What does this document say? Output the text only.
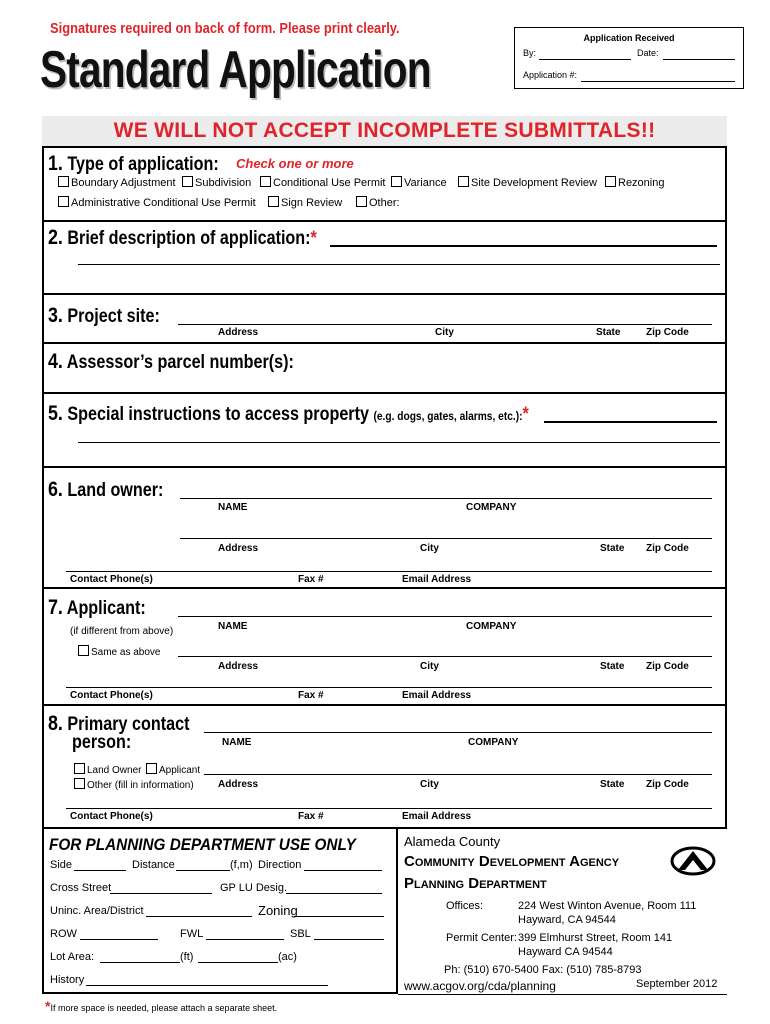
Signatures required on back of form. Please print clearly.
Standard Application
Application Received
By:	Date:
Application #:
WE WILL NOT ACCEPT INCOMPLETE SUBMITTALS!!
1. Type of application: Check one or more
Boundary Adjustment	Subdivision	Conditional Use Permit	Variance	Site Development Review	Rezoning
Administrative Conditional Use Permit	Sign Review	Other:
2. Brief description of application:*
3. Project site:
Address	City	State	Zip Code
4. Assessor’s parcel number(s):
5. Special instructions to access property (e.g. dogs, gates, alarms, etc.):*
6. Land owner:
NAME	COMPANY
Address	City	State Zip Code
Contact Phone(s)	Fax #	Email Address
7. Applicant:
(if different from above)	NAME	COMPANY
Same as above
Address	City	State Zip Code
Contact Phone(s)	Fax #	Email Address
8. Primary contact
person:	NAME	COMPANY
Land Owner	Applicant
Other (fill in information) Address	City	State Zip Code
Contact Phone(s)	Fax #	Email Address
FOR PLANNING DEPARTMENT USE ONLY
Side	Distance	(f,m) Direction
Cross Street	GP LU Desig.
Uninc. Area/District	Zoning
ROW	FWL	SBL
Lot Area:	(ft)	(ac)
History
Alameda County
Community Development Agency
Planning Department
Offices:	224 West Winton Avenue, Room 111
Hayward, CA 94544
Permit Center: 399 Elmhurst Street, Room 141
Hayward CA 94544
Ph: (510) 670-5400 Fax: (510) 785-8793
www.acgov.org/cda/planning	September 2012
*If more space is needed, please attach a separate sheet.
